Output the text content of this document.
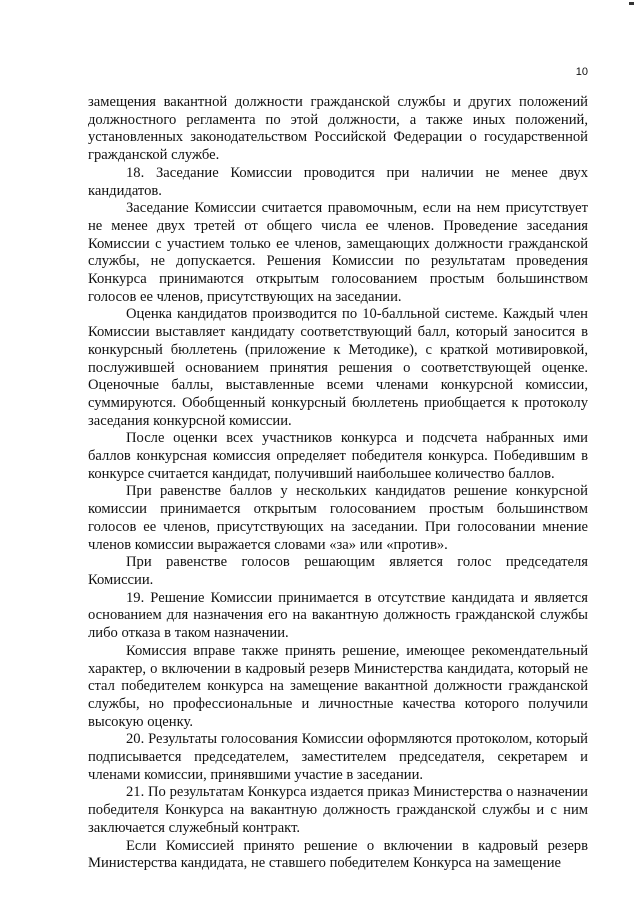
10

замещения вакантной должности гражданской службы и других положений должностного регламента по этой должности, а также иных положений, установленных законодательством Российской Федерации о государственной гражданской службе.

18. Заседание Комиссии проводится при наличии не менее двух кандидатов.

Заседание Комиссии считается правомочным, если на нем присутствует не менее двух третей от общего числа ее членов. Проведение заседания Комиссии с участием только ее членов, замещающих должности гражданской службы, не допускается. Решения Комиссии по результатам проведения Конкурса принимаются открытым голосованием простым большинством голосов ее членов, присутствующих на заседании.

Оценка кандидатов производится по 10-балльной системе. Каждый член Комиссии выставляет кандидату соответствующий балл, который заносится в конкурсный бюллетень (приложение к Методике), с краткой мотивировкой, послужившей основанием принятия решения о соответствующей оценке. Оценочные баллы, выставленные всеми членами конкурсной комиссии, суммируются. Обобщенный конкурсный бюллетень приобщается к протоколу заседания конкурсной комиссии.

После оценки всех участников конкурса и подсчета набранных ими баллов конкурсная комиссия определяет победителя конкурса. Победившим в конкурсе считается кандидат, получивший наибольшее количество баллов.

При равенстве баллов у нескольких кандидатов решение конкурсной комиссии принимается открытым голосованием простым большинством голосов ее членов, присутствующих на заседании. При голосовании мнение членов комиссии выражается словами «за» или «против».

При равенстве голосов решающим является голос председателя Комиссии.

19. Решение Комиссии принимается в отсутствие кандидата и является основанием для назначения его на вакантную должность гражданской службы либо отказа в таком назначении.

Комиссия вправе также принять решение, имеющее рекомендательный характер, о включении в кадровый резерв Министерства кандидата, который не стал победителем конкурса на замещение вакантной должности гражданской службы, но профессиональные и личностные качества которого получили высокую оценку.

20. Результаты голосования Комиссии оформляются протоколом, который подписывается председателем, заместителем председателя, секретарем и членами комиссии, принявшими участие в заседании.

21. По результатам Конкурса издается приказ Министерства о назначении победителя Конкурса на вакантную должность гражданской службы и с ним заключается служебный контракт.

Если Комиссией принято решение о включении в кадровый резерв Министерства кандидата, не ставшего победителем Конкурса на замещение
